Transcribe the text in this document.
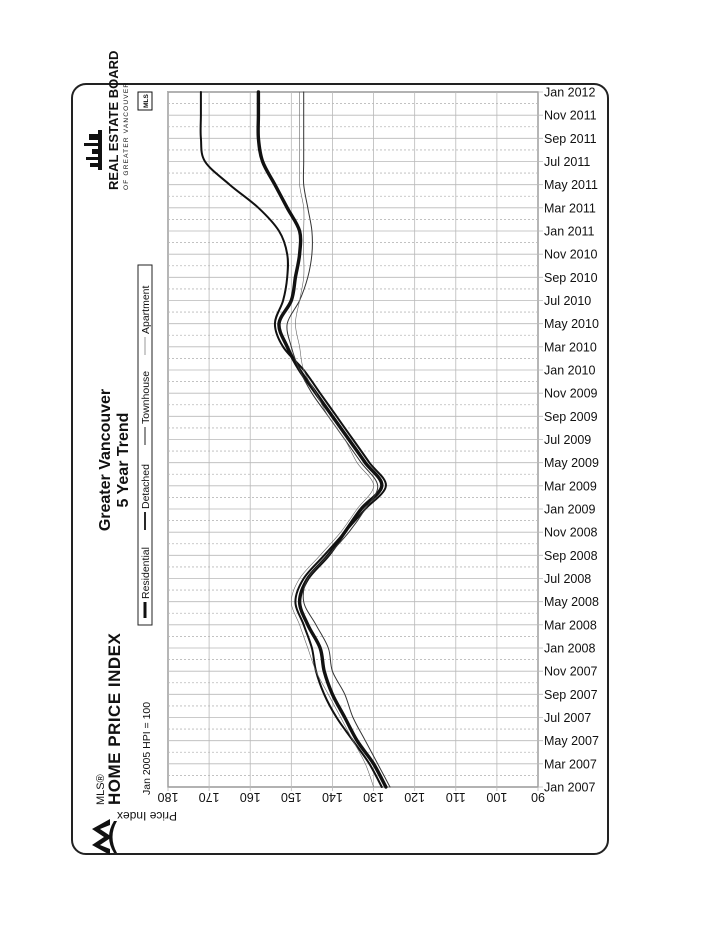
Jan 2007
Mar 2007
May 2007
Jul 2007
Sep 2007
Nov 2007
Jan 2008
Mar 2008
May 2008
Jul 2008
Sep 2008
Nov 2008
Jan 2009
Mar 2009
May 2009
Jul 2009
Sep 2009
Nov 2009
Jan 2010
Mar 2010
May 2010
Jul 2010
Sep 2010
Nov 2010
Jan 2011
Mar 2011
May 2011
Jul 2011
Sep 2011
Nov 2011
Jan 2012
180 170 160 150 140 130 120 110 100 90
Price Index
MLS®
HOME PRICE INDEX Jan 2005 HPI = 100
Greater Vancouver 5 Year Trend
Residential
Detached
Townhouse
Apartment
REAL ESTATE BOARD OF GREATER VANCOUVER MLS
